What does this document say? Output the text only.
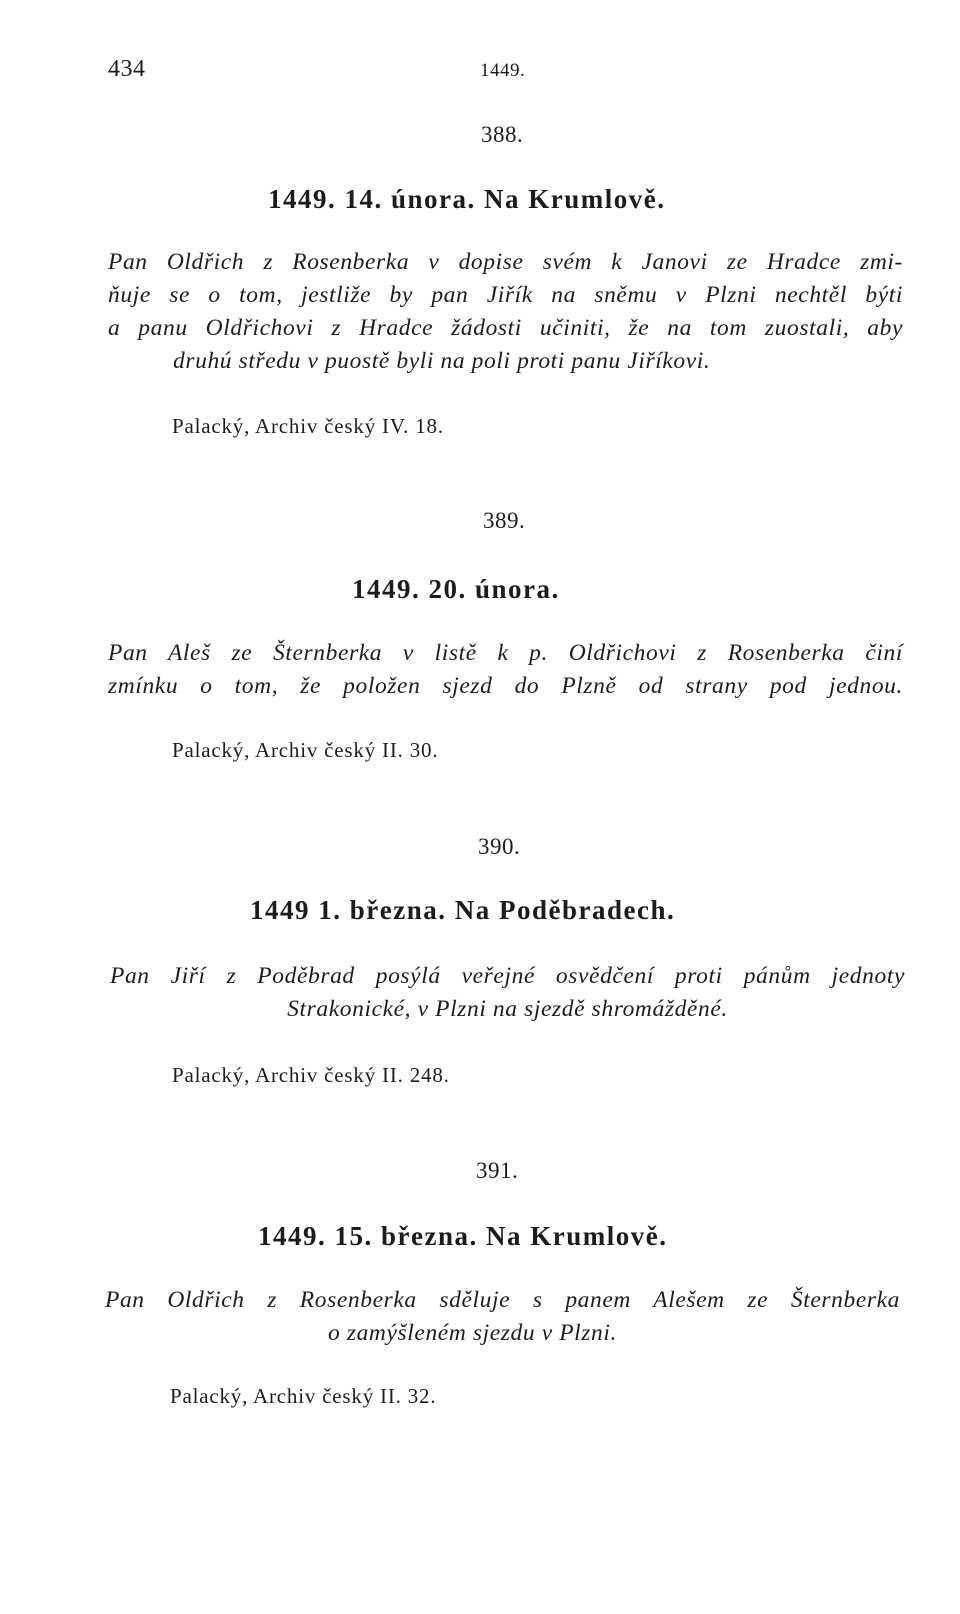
434	1449.
388.
1449. 14. února. Na Krumlově.
Pan Oldřich z Rosenberka v dopise svém k Janovi ze Hradce zmi-
ňuje se o tom, jestliže by pan Jiřík na sněmu v Plzni nechtěl býti
a panu Oldřichovi z Hradce žádosti učiniti, že na tom zuostali, aby
druhú středu v puostě byli na poli proti panu Jiříkovi.
Palacký, Archiv český IV. 18.
389.
1449. 20. února.
Pan Aleš ze Šternberka v listě k p. Oldřichovi z Rosenberka činí
zmínku o tom, že položen sjezd do Plzně od strany pod jednou.
Palacký, Archiv český II. 30.
390.
1449 1. března. Na Poděbradech.
Pan Jiří z Poděbrad posýlá veřejné osvědčení proti pánům jednoty
Strakonické, v Plzni na sjezdě shromážděné.
Palacký, Archiv český II. 248.
391.
1449. 15. března. Na Krumlově.
Pan Oldřich z Rosenberka sděluje s panem Alešem ze Šternberka
o zamýšleném sjezdu v Plzni.
Palacký, Archiv český II. 32.
